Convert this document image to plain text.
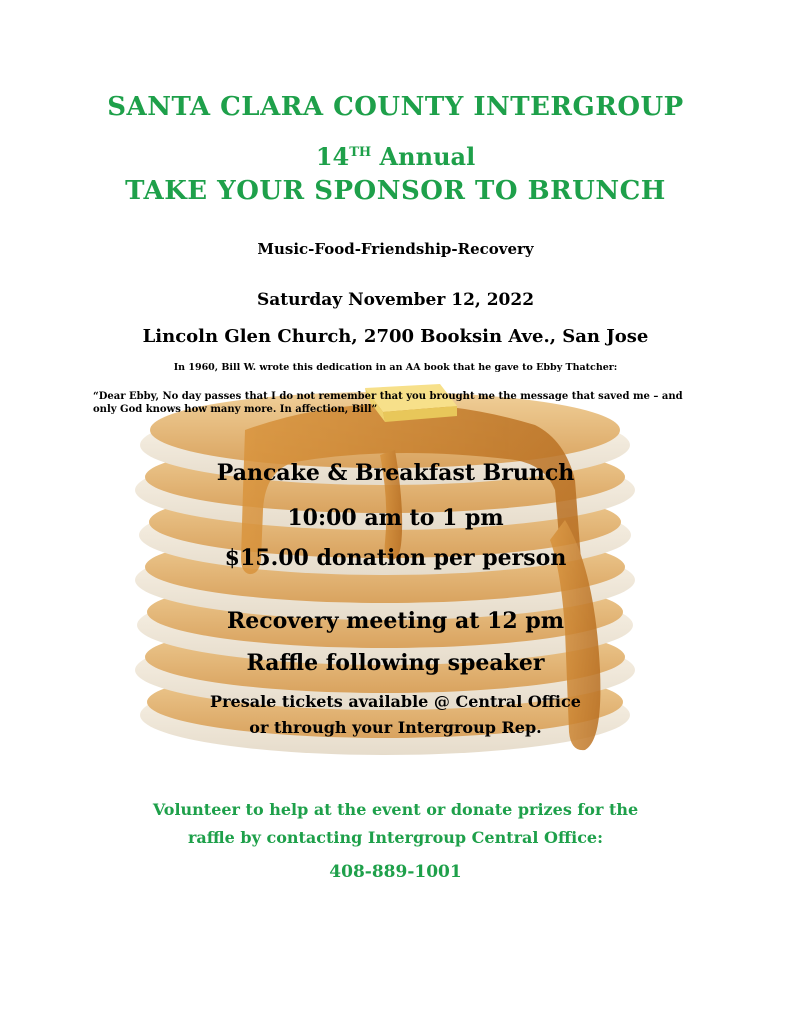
SANTA CLARA COUNTY INTERGROUP
14TH Annual
TAKE YOUR SPONSOR TO BRUNCH
Music-Food-Friendship-Recovery
Saturday November 12, 2022
Lincoln Glen Church, 2700 Booksin Ave., San Jose
In 1960, Bill W. wrote this dedication in an AA book that he gave to Ebby Thatcher:
“Dear Ebby, No day passes that I do not remember that you brought me the message that saved me – and only God knows how many more. In affection, Bill”
Pancake & Breakfast Brunch
10:00 am to 1 pm
$15.00 donation per person
Recovery meeting at 12 pm
Raffle following speaker
Presale tickets available @ Central Office
or through your Intergroup Rep.
Volunteer to help at the event or donate prizes for the
raffle by contacting Intergroup Central Office:
408-889-1001
